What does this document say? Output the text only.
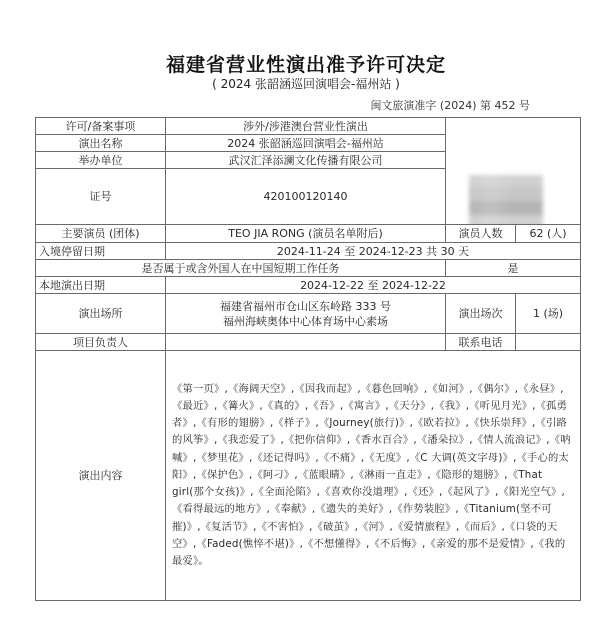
福建省营业性演出准予许可决定
( 2024 张韶涵巡回演唱会-福州站 )
闽文旅演准字 (2024) 第 452 号
许可/备案事项	涉外/涉港澳台营业性演出		

演出名称	2024 张韶涵巡回演唱会-福州站		
举办单位	武汉汇泽添澜文化传播有限公司		
证号	420100120140		
主要演员 (团体)	TEO JIA RONG (演员名单附后)	演员人数	62 (人)
入境停留日期	2024-11-24 至 2024-12-23 共 30 天		
是否属于或含外国人在中国短期工作任务		是	
本地演出日期	2024-12-22 至 2024-12-22		
演出场所	福建省福州市仓山区东岭路 333 号
福州海峡奥体中心体育场中心素场	演出场次	1 (场)
项目负责人		联系电话	
演出内容	《第一页》,《海阔天空》,《因我而起》,《暮色回响》,《如河》,《偶尔》,《永昼》,《最近》,《篝火》,《真的》,《吾》,《寓言》,《天分》,《我》,《听见月光》,《孤勇者》,《有形的翅膀》,《样子》,《Journey(旅行)》,《欧若拉》,《快乐崇拜》,《引路的风筝》,《我恋爱了》,《把你信仰》,《香水百合》,《潘朵拉》,《情人流浪记》,《呐喊》,《梦里花》,《还记得吗》,《不痛》,《无度》,《C 大调(英文字母)》,《手心的太阳》,《保护色》,《阿刁》,《蓝眼睛》,《淋雨一直走》,《隐形的翅膀》,《That girl(那个女孩)》,《全面沦陷》,《喜欢你没道理》,《还》,《起风了》,《阳光空气》,《看得最远的地方》,《奉献》,《遗失的美好》,《作势装腔》,《Titanium(坚不可摧)》,《复活节》,《不害怕》,《破茧》,《河》,《爱情旅程》,《而后》,《口袋的天空》,《Faded(憔悴不堪)》,《不想懂得》,《不后悔》,《亲爱的那不是爱情》,《我的最爱》。		
